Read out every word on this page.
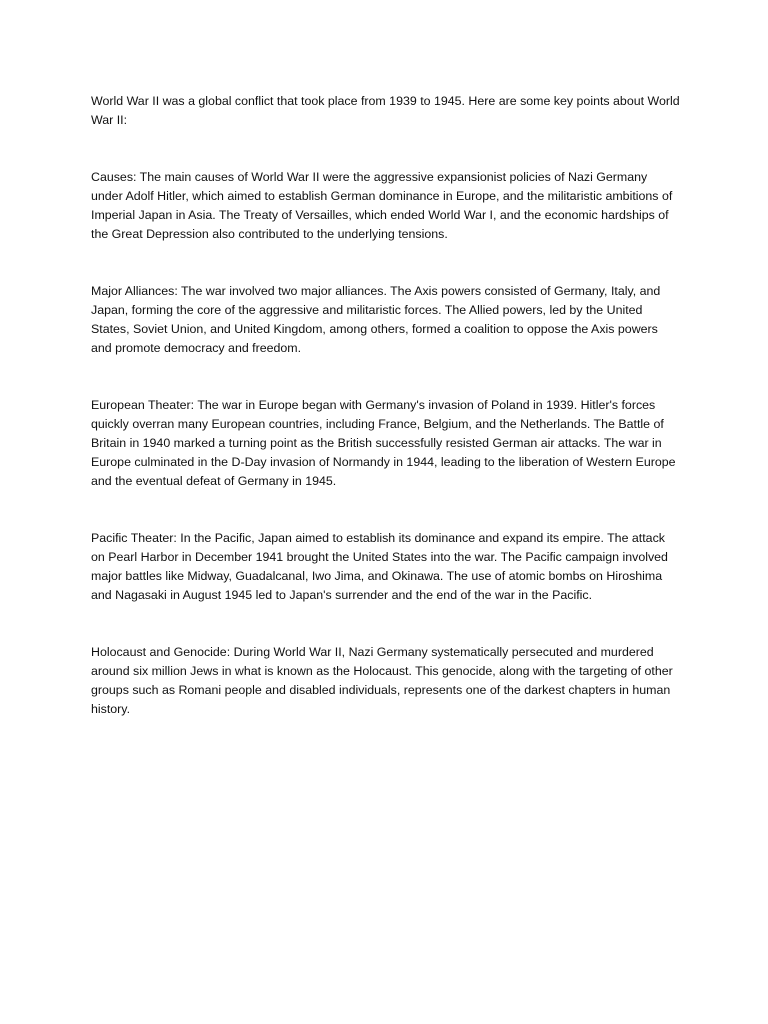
World War II was a global conflict that took place from 1939 to 1945. Here are some key points about World War II:

Causes: The main causes of World War II were the aggressive expansionist policies of Nazi Germany under Adolf Hitler, which aimed to establish German dominance in Europe, and the militaristic ambitions of Imperial Japan in Asia. The Treaty of Versailles, which ended World War I, and the economic hardships of the Great Depression also contributed to the underlying tensions.

Major Alliances: The war involved two major alliances. The Axis powers consisted of Germany, Italy, and Japan, forming the core of the aggressive and militaristic forces. The Allied powers, led by the United States, Soviet Union, and United Kingdom, among others, formed a coalition to oppose the Axis powers and promote democracy and freedom.

European Theater: The war in Europe began with Germany's invasion of Poland in 1939. Hitler's forces quickly overran many European countries, including France, Belgium, and the Netherlands. The Battle of Britain in 1940 marked a turning point as the British successfully resisted German air attacks. The war in Europe culminated in the D-Day invasion of Normandy in 1944, leading to the liberation of Western Europe and the eventual defeat of Germany in 1945.

Pacific Theater: In the Pacific, Japan aimed to establish its dominance and expand its empire. The attack on Pearl Harbor in December 1941 brought the United States into the war. The Pacific campaign involved major battles like Midway, Guadalcanal, Iwo Jima, and Okinawa. The use of atomic bombs on Hiroshima and Nagasaki in August 1945 led to Japan's surrender and the end of the war in the Pacific.

Holocaust and Genocide: During World War II, Nazi Germany systematically persecuted and murdered around six million Jews in what is known as the Holocaust. This genocide, along with the targeting of other groups such as Romani people and disabled individuals, represents one of the darkest chapters in human history.
